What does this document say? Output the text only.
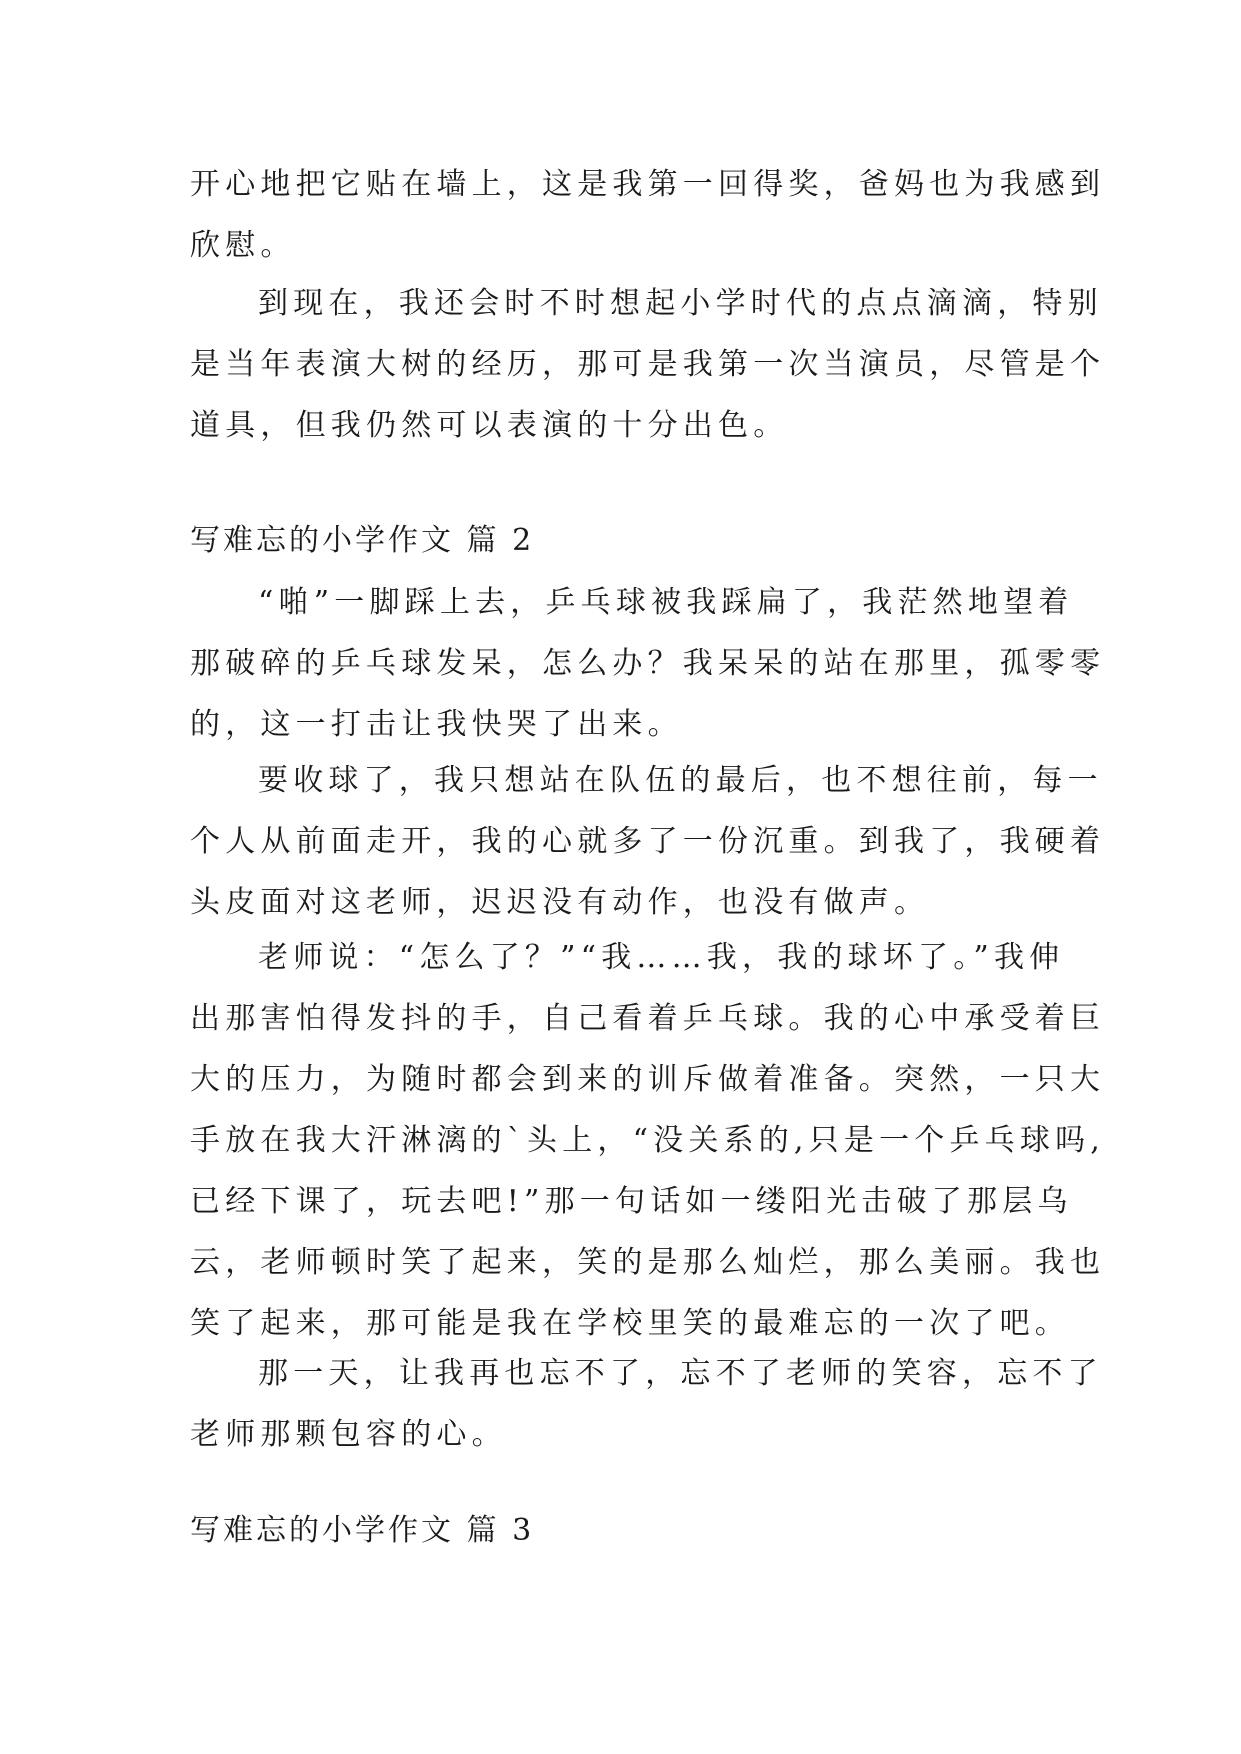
开心地把它贴在墙上，这是我第一回得奖，爸妈也为我感到
欣慰。

到现在，我还会时不时想起小学时代的点点滴滴，特别
是当年表演大树的经历，那可是我第一次当演员，尽管是个
道具，但我仍然可以表演的十分出色。

写难忘的小学作文 篇 2

“啪”一脚踩上去，乒乓球被我踩扁了，我茫然地望着
那破碎的乒乓球发呆，怎么办？我呆呆的站在那里，孤零零
的，这一打击让我快哭了出来。

要收球了，我只想站在队伍的最后，也不想往前，每一
个人从前面走开，我的心就多了一份沉重。到我了，我硬着
头皮面对这老师，迟迟没有动作，也没有做声。

老师说：“怎么了？”“我……我，我的球坏了。”我伸
出那害怕得发抖的手，自己看着乒乓球。我的心中承受着巨
大的压力，为随时都会到来的训斥做着准备。突然，一只大
手放在我大汗淋漓的`头上，“没关系的,只是一个乒乓球吗,
已经下课了，玩去吧!”那一句话如一缕阳光击破了那层乌
云，老师顿时笑了起来，笑的是那么灿烂，那么美丽。我也
笑了起来，那可能是我在学校里笑的最难忘的一次了吧。

那一天，让我再也忘不了，忘不了老师的笑容，忘不了
老师那颗包容的心。

写难忘的小学作文 篇 3
